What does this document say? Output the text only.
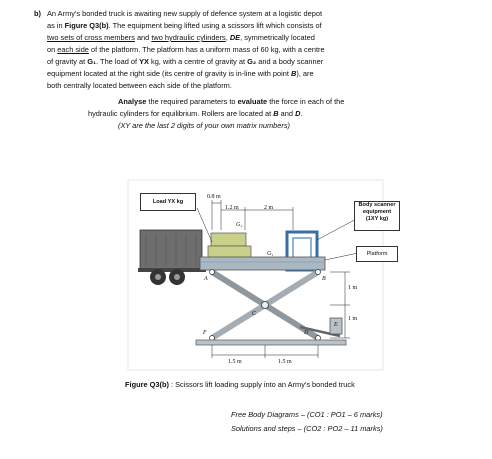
b) An Army's bonded truck is awaiting new supply of defence system at a logistic depot
as in Figure Q3(b). The equipment being lifted using a scissors lift which consists of
two sets of cross members and two hydraulic cylinders, DE, symmetrically located
on each side of the platform. The platform has a uniform mass of 60 kg, with a centre
of gravity at G₁. The load of YX kg, with a centre of gravity at G₂ and a body scanner
equipment located at the right side (its centre of gravity is in-line with point B), are
both centrally located between each side of the platform.
Analyse the required parameters to evaluate the force in each of the
hydraulic cylinders for equilibrium. Rollers are located at B and D.
(XY are the last 2 digits of your own matrix numbers)
Load YX kg	Body scanner
equipment
(1XY kg)
Platform
0.8 m
1.2 m	2 m
1 m
1 m
1.5 m	1.5 m
G₂
G₁
A	B
C
D
E
F
Figure Q3(b) : Scissors lift loading supply into an Army's bonded truck
Free Body Diagrams – (CO1 : PO1 – 6 marks)
Solutions and steps – (CO2 : PO2 – 11 marks)
